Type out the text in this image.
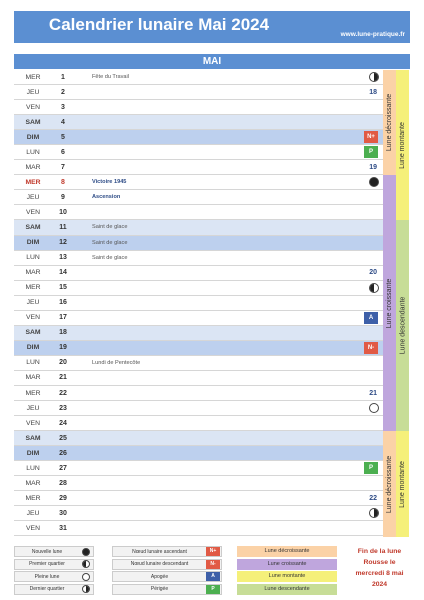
Calendrier lunaire Mai 2024
www.lune-pratique.fr
MAI
MER	1	Fête du Travail
JEU	2	18
VEN	3
SAM	4
DIM	5	N+
LUN	6	P
MAR	7	19
MER	8	Victoire 1945
JEU	9	Ascension
VEN	10
SAM	11	Saint de glace
DIM	12	Saint de glace
LUN	13	Saint de glace
MAR	14	20
MER	15
JEU	16
VEN	17	A
SAM	18
DIM	19	N-
LUN	20	Lundi de Pentecôte
MAR	21
MER	22	21
JEU	23
VEN	24
SAM	25
DIM	26
LUN	27	P
MAR	28
MER	29	22
JEU	30
VEN	31
Lune décroissante Lune montante
Lune croissante Lune descendante
Lune décroissante Lune montante
Nouvelle lune
Premier quartier
Pleine lune
Dernier quartier
Nœud lunaire ascendant	N+
Nœud lunaire descendant	N-
Apogée	A
Périgée	P
Lune décroissante
Lune croissante
Lune montante
Lune descendante
Fin de la lune
Rousse le
mercredi 8 mai
2024
